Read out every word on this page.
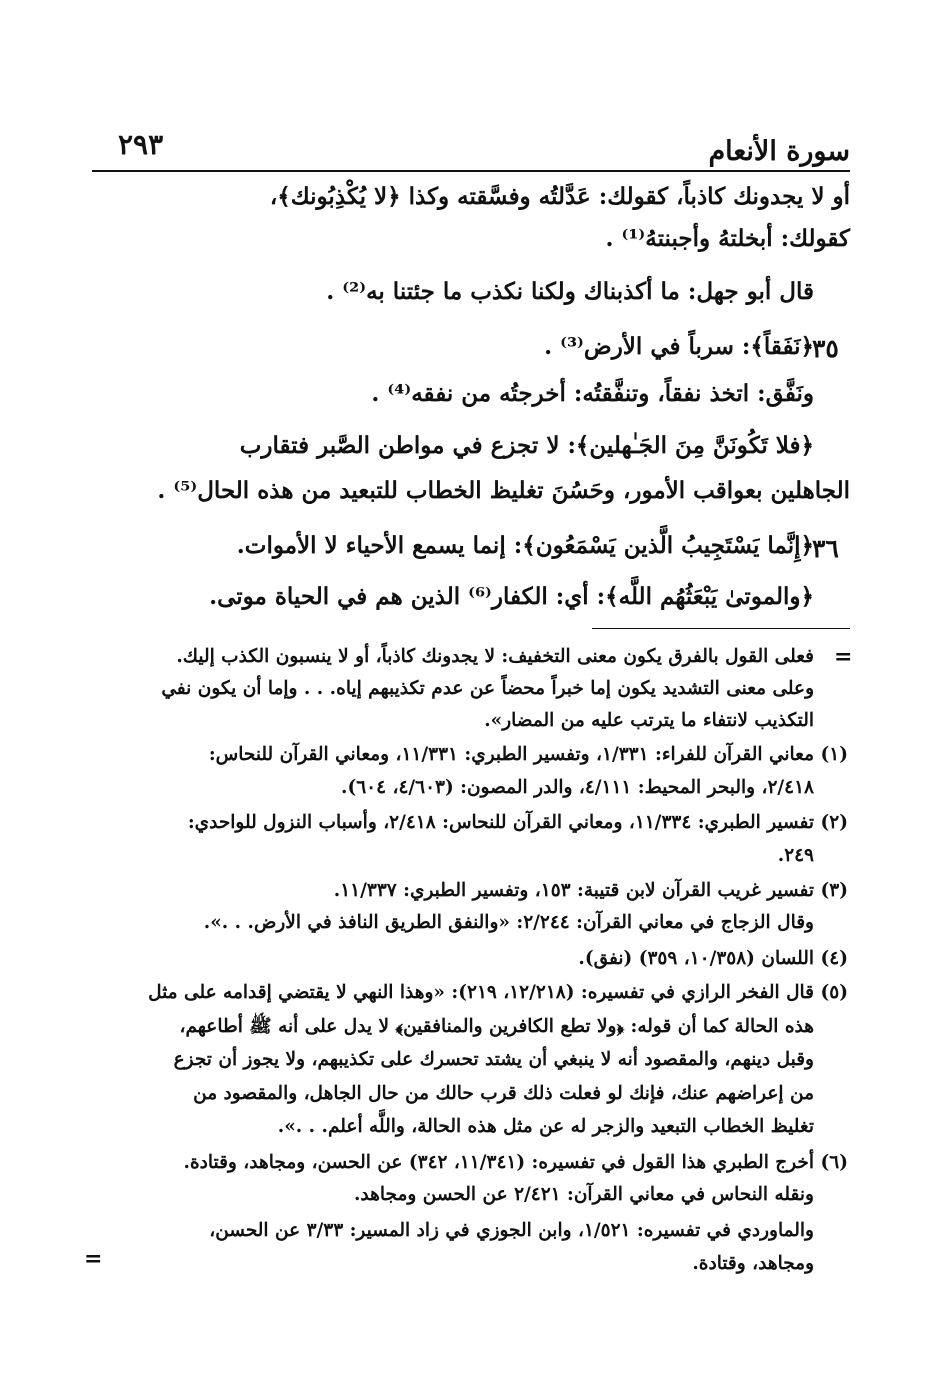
سورة الأنعام
٢٩٣
أو لا يجدونك كاذباً، كقولك: عَدَّلتُه وفسَّقته وكذا ﴿لا يُكْذِبُونك﴾،
كقولك: أبخلتهُ وأجبنتهُ⁽¹⁾ .
قال أبو جهل: ما أكذبناك ولكنا نكذب ما جئتنا به⁽²⁾ .
٣٥
﴿نَفَقاً﴾: سرباً في الأرض⁽³⁾ .
ونَفَّق: اتخذ نفقاً، وتنفَّقتُه: أخرجتُه من نفقه⁽⁴⁾ .
﴿فلا تَكُونَنَّ مِنَ الجَـٰهلين﴾: لا تجزع في مواطن الصَّبر فتقارب
الجاهلين بعواقب الأمور، وحَسُنَ تغليظ الخطاب للتبعيد من هذه الحال⁽⁵⁾ .
٣٦
﴿إِنَّما يَسْتَجِيبُ الَّذين يَسْمَعُون﴾: إنما يسمع الأحياء لا الأموات.
﴿والموتىٰ يَبْعَثُهُم اللَّه﴾: أي: الكفار⁽⁶⁾ الذين هم في الحياة موتى.
=
فعلى القول بالفرق يكون معنى التخفيف: لا يجدونك كاذباً، أو لا ينسبون الكذب إليك.
وعلى معنى التشديد يكون إما خبراً محضاً عن عدم تكذيبهم إياه. . . وإما أن يكون نفي
التكذيب لانتفاء ما يترتب عليه من المضار».
(١)
معاني القرآن للفراء: ١/٣٣١، وتفسير الطبري: ١١/٣٣١، ومعاني القرآن للنحاس:
٢/٤١٨، والبحر المحيط: ٤/١١١، والدر المصون: (٤/٦٠٣، ٦٠٤).
(٢)
تفسير الطبري: ١١/٣٣٤، ومعاني القرآن للنحاس: ٢/٤١٨، وأسباب النزول للواحدي:
٢٤٩.
(٣)
تفسير غريب القرآن لابن قتيبة: ١٥٣، وتفسير الطبري: ١١/٣٣٧.
وقال الزجاج في معاني القرآن: ٢/٢٤٤: «والنفق الطريق النافذ في الأرض. . .».
(٤)
اللسان (١٠/٣٥٨، ٣٥٩) (نفق).
(٥)
قال الفخر الرازي في تفسيره: (١٢/٢١٨، ٢١٩): «وهذا النهي لا يقتضي إقدامه على مثل
هذه الحالة كما أن قوله: ﴿ولا تطع الكافرين والمنافقين﴾ لا يدل على أنه ﷺ أطاعهم،
وقبل دينهم، والمقصود أنه لا ينبغي أن يشتد تحسرك على تكذيبهم، ولا يجوز أن تجزع
من إعراضهم عنك، فإنك لو فعلت ذلك قرب حالك من حال الجاهل، والمقصود من
تغليظ الخطاب التبعيد والزجر له عن مثل هذه الحالة، واللَّه أعلم. . .».
(٦)
أخرج الطبري هذا القول في تفسيره: (١١/٣٤١، ٣٤٢) عن الحسن، ومجاهد، وقتادة.
ونقله النحاس في معاني القرآن: ٢/٤٢١ عن الحسن ومجاهد.
والماوردي في تفسيره: ١/٥٢١، وابن الجوزي في زاد المسير: ٣/٣٣ عن الحسن،
ومجاهد، وقتادة.
=
